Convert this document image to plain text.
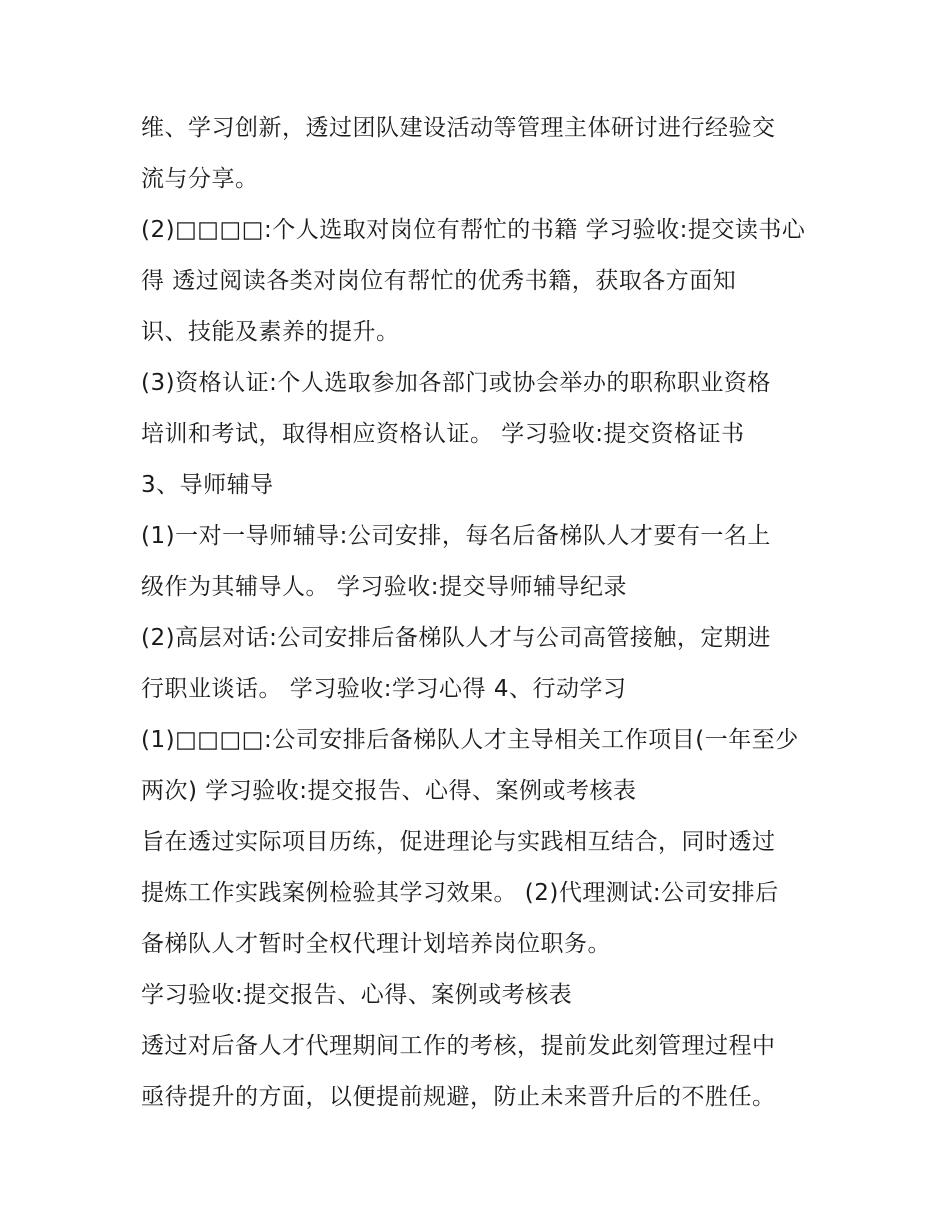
维、学习创新，透过团队建设活动等管理主体研讨进行经验交
流与分享。
(2)□□□□:个人选取对岗位有帮忙的书籍 学习验收:提交读书心
得 透过阅读各类对岗位有帮忙的优秀书籍，获取各方面知
识、技能及素养的提升。
(3)资格认证:个人选取参加各部门或协会举办的职称职业资格
培训和考试，取得相应资格认证。 学习验收:提交资格证书
3、导师辅导
(1)一对一导师辅导:公司安排，每名后备梯队人才要有一名上
级作为其辅导人。 学习验收:提交导师辅导纪录
(2)高层对话:公司安排后备梯队人才与公司高管接触，定期进
行职业谈话。 学习验收:学习心得 4、行动学习
(1)□□□□:公司安排后备梯队人才主导相关工作项目(一年至少
两次) 学习验收:提交报告、心得、案例或考核表
旨在透过实际项目历练，促进理论与实践相互结合，同时透过
提炼工作实践案例检验其学习效果。 (2)代理测试:公司安排后
备梯队人才暂时全权代理计划培养岗位职务。
学习验收:提交报告、心得、案例或考核表
透过对后备人才代理期间工作的考核，提前发此刻管理过程中
亟待提升的方面，以便提前规避，防止未来晋升后的不胜任。
